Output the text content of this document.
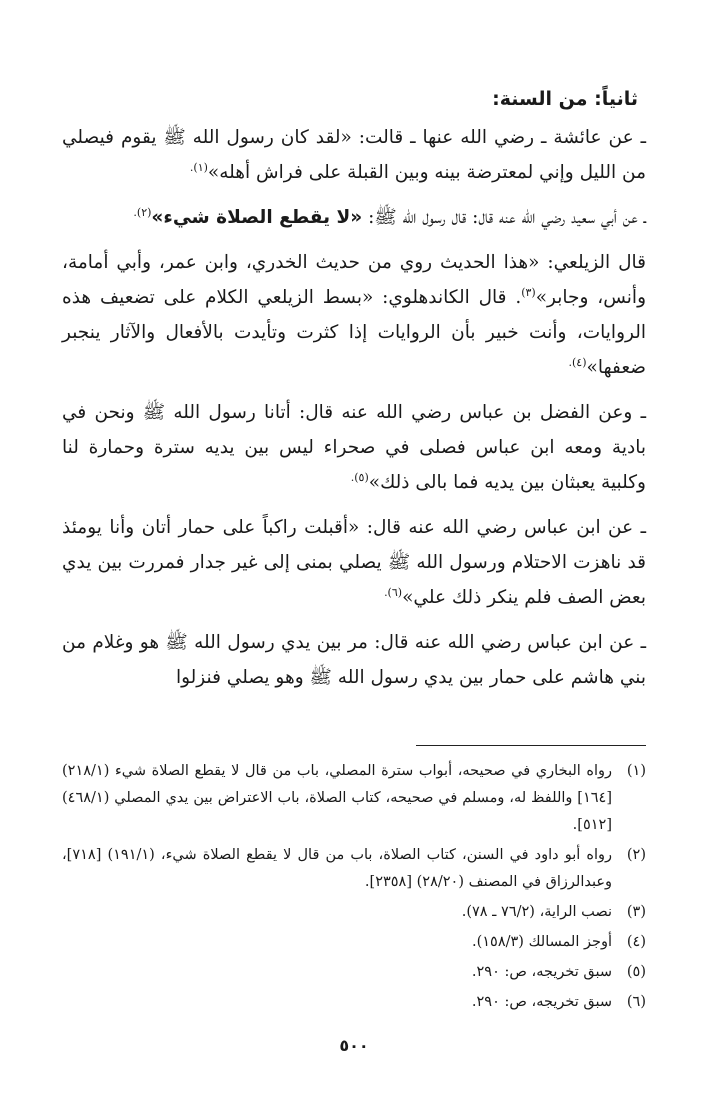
ثانياً: من السنة:

ـ عن عائشة ـ رضي الله عنها ـ قالت: «لقد كان رسول الله ﷺ يقوم فيصلي من الليل وإني لمعترضة بينه وبين القبلة على فراش أهله»$^{(١).}$

ـ عن أبي سعيد رضي الله عنه قال: قال رسول الله ﷺ: «لا يقطع الصلاة شيء»$^{(٢).}$

قال الزيلعي: «هذا الحديث روي من حديث الخدري، وابن عمر، وأبي أمامة، وأنس، وجابر»$^{(٣)}$. قال الكاندهلوي: «بسط الزيلعي الكلام على تضعيف هذه الروايات، وأنت خبير بأن الروايات إذا كثرت وتأيدت بالأفعال والآثار ينجبر ضعفها»$^{(٤).}$

ـ وعن الفضل بن عباس رضي الله عنه قال: أتانا رسول الله ﷺ ونحن في بادية ومعه ابن عباس فصلى في صحراء ليس بين يديه سترة وحمارة لنا وكلبية يعبثان بين يديه فما بالى ذلك»$^{(٥).}$

ـ عن ابن عباس رضي الله عنه قال: «أقبلت راكباً على حمار أتان وأنا يومئذ قد ناهزت الاحتلام ورسول الله ﷺ يصلي بمنى إلى غير جدار فمررت بين يدي بعض الصف فلم ينكر ذلك علي»$^{(٦).}$

ـ عن ابن عباس رضي الله عنه قال: مر بين يدي رسول الله ﷺ هو وغلام من بني هاشم على حمار بين يدي رسول الله ﷺ وهو يصلي فنزلوا

(١)
رواه البخاري في صحيحه، أبواب سترة المصلي، باب من قال لا يقطع الصلاة شيء (٢١٨/١) [١٦٤] واللفظ له، ومسلم في صحيحه، كتاب الصلاة، باب الاعتراض بين يدي المصلي (٤٦٨/١) [٥١٢].
(٢)
رواه أبو داود في السنن، كتاب الصلاة، باب من قال لا يقطع الصلاة شيء، (١٩١/١) [٧١٨]، وعبدالرزاق في المصنف (٢٨/٢٠) [٢٣٥٨].
(٣)
نصب الراية، (٧٦/٢ ـ ٧٨).
(٤)
أوجز المسالك (١٥٨/٣).
(٥)
سبق تخريجه، ص: ٢٩٠.
(٦)
سبق تخريجه، ص: ٢٩٠.
٥٠٠
